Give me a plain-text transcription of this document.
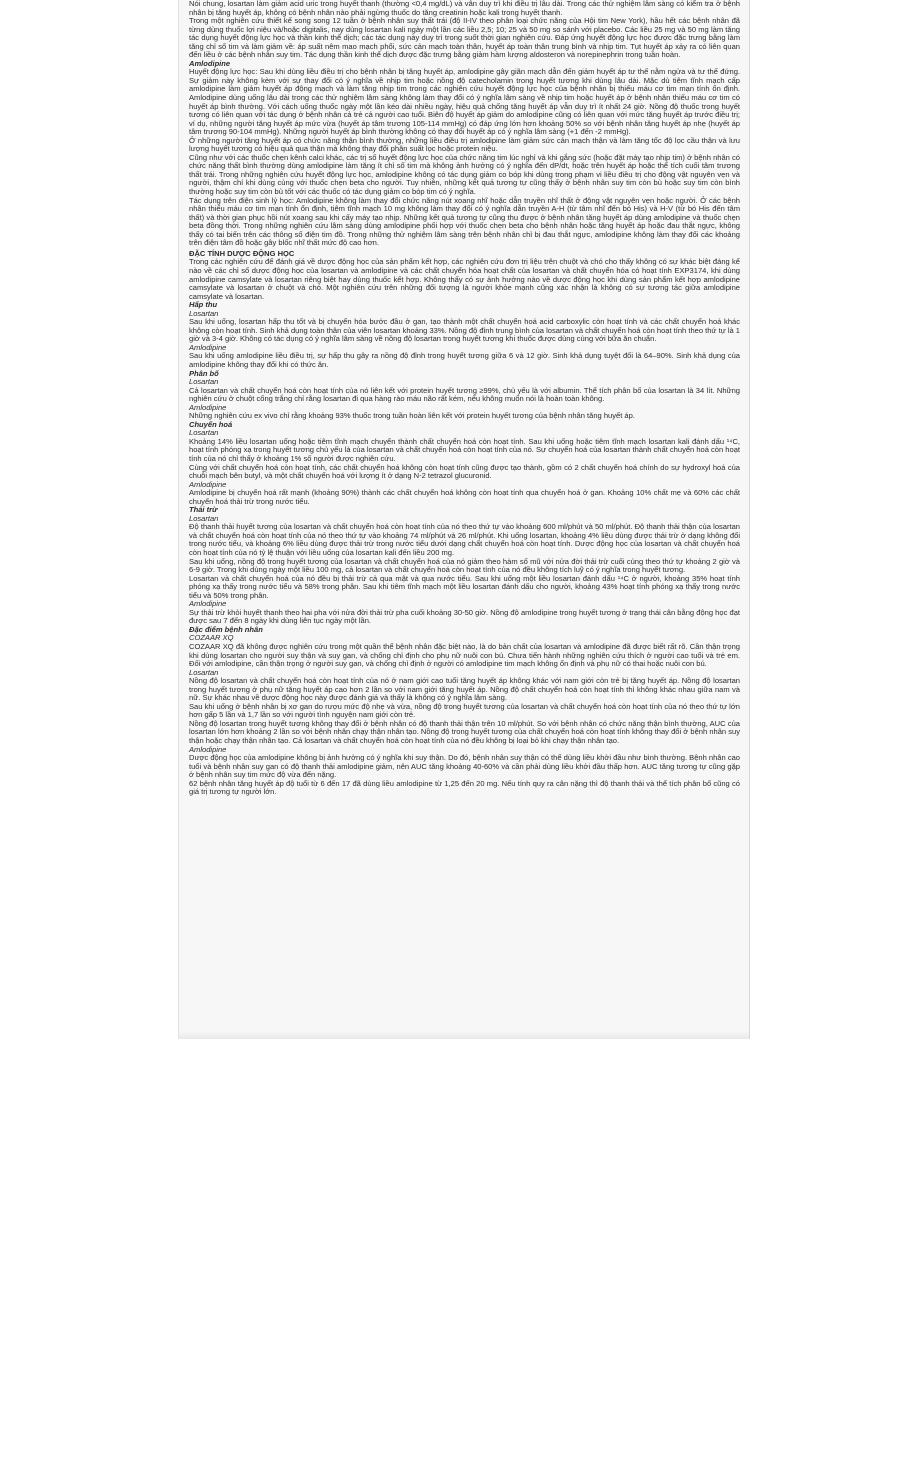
Nói chung, losartan làm giảm acid uric trong huyết thanh (thường <0,4 mg/dL) và vẫn duy trì khi điều trị lâu dài. Trong các thử nghiệm lâm sàng có kiểm tra ở bệnh nhân bị tăng huyết áp, không có bệnh nhân nào phải ngừng thuốc do tăng creatinin hoặc kali trong huyết thanh.

Trong một nghiên cứu thiết kế song song 12 tuần ở bệnh nhân suy thất trái (độ II-IV theo phân loại chức năng của Hội tim New York), hầu hết các bệnh nhân đã từng dùng thuốc lợi niệu và/hoặc digitalis, nay dùng losartan kali ngày một lần các liều 2,5; 10; 25 và 50 mg so sánh với placebo. Các liều 25 mg và 50 mg làm tăng tác dụng huyết động lực học và thần kinh thể dịch; các tác dụng này duy trì trong suốt thời gian nghiên cứu. Đáp ứng huyết động lực học được đặc trưng bằng làm tăng chỉ số tim và làm giảm về: áp suất nêm mao mạch phổi, sức cản mạch toàn thân, huyết áp toàn thân trung bình và nhịp tim. Tụt huyết áp xảy ra có liên quan đến liều ở các bệnh nhân suy tim. Tác dụng thần kinh thể dịch được đặc trưng bằng giảm hàm lượng aldosteron và norepinephrin trong tuần hoàn.

Amlodipine

Huyết động lực học: Sau khi dùng liều điều trị cho bệnh nhân bị tăng huyết áp, amlodipine gây giãn mạch dẫn đến giảm huyết áp tư thế nằm ngửa và tư thế đứng. Sự giảm này không kèm với sự thay đổi có ý nghĩa về nhịp tim hoặc nồng độ catecholamin trong huyết tương khi dùng lâu dài. Mặc dù tiêm tĩnh mạch cấp amlodipine làm giảm huyết áp động mạch và làm tăng nhịp tim trong các nghiên cứu huyết động lực học của bệnh nhân bị thiếu máu cơ tim mạn tính ổn định. Amlodipine dùng uống lâu dài trong các thử nghiệm lâm sàng không làm thay đổi có ý nghĩa lâm sàng về nhịp tim hoặc huyết áp ở bệnh nhân thiếu máu cơ tim có huyết áp bình thường. Với cách uống thuốc ngày một lần kéo dài nhiều ngày, hiệu quả chống tăng huyết áp vẫn duy trì ít nhất 24 giờ. Nồng độ thuốc trong huyết tương có liên quan với tác dụng ở bệnh nhân cả trẻ cả người cao tuổi. Biên độ huyết áp giảm do amlodipine cũng có liên quan với mức tăng huyết áp trước điều trị; ví dụ, những người tăng huyết áp mức vừa (huyết áp tâm trương 105-114 mmHg) có đáp ứng lớn hơn khoảng 50% so với bệnh nhân tăng huyết áp nhẹ (huyết áp tâm trương 90-104 mmHg). Những người huyết áp bình thường không có thay đổi huyết áp có ý nghĩa lâm sàng (+1 đến -2 mmHg).

Ở những người tăng huyết áp có chức năng thận bình thường, những liều điều trị amlodipine làm giảm sức cản mạch thận và làm tăng tốc độ lọc cầu thận và lưu lượng huyết tương có hiệu quả qua thận mà không thay đổi phân suất lọc hoặc protein niệu.

Cũng như với các thuốc chẹn kênh calci khác, các trị số huyết động lực học của chức năng tim lúc nghỉ và khi gắng sức (hoặc đặt máy tạo nhịp tim) ở bệnh nhân có chức năng thất bình thường dùng amlodipine làm tăng ít chỉ số tim mà không ảnh hưởng có ý nghĩa đến dP/dt, hoặc trên huyết áp hoặc thể tích cuối tâm trương thất trái. Trong những nghiên cứu huyết động lực học, amlodipine không có tác dụng giảm co bóp khi dùng trong phạm vi liều điều trị cho động vật nguyên vẹn và người, thậm chí khi dùng cùng với thuốc chẹn beta cho người. Tuy nhiên, những kết quả tương tự cũng thấy ở bệnh nhân suy tim còn bù hoặc suy tim còn bình thường hoặc suy tim còn bù tốt với các thuốc có tác dụng giảm co bóp tim có ý nghĩa.

Tác dụng trên điện sinh lý học: Amlodipine không làm thay đổi chức năng nút xoang nhĩ hoặc dẫn truyền nhĩ thất ở động vật nguyên vẹn hoặc người. Ở các bệnh nhân thiếu máu cơ tim mạn tính ổn định, tiêm tĩnh mạch 10 mg không làm thay đổi có ý nghĩa dẫn truyền A-H (từ tâm nhĩ đến bó His) và H-V (từ bó His đến tâm thất) và thời gian phục hồi nút xoang sau khi cấy máy tạo nhịp. Những kết quả tương tự cũng thu được ở bệnh nhân tăng huyết áp dùng amlodipine và thuốc chẹn beta đồng thời. Trong những nghiên cứu lâm sàng dùng amlodipine phối hợp với thuốc chẹn beta cho bệnh nhân hoặc tăng huyết áp hoặc đau thắt ngực, không thấy có tai biến trên các thông số điện tim đồ. Trong những thử nghiệm lâm sàng trên bệnh nhân chỉ bị đau thắt ngực, amlodipine không làm thay đổi các khoảng trên điện tâm đồ hoặc gây blốc nhĩ thất mức độ cao hơn.

ĐẶC TÍNH DƯỢC ĐỘNG HỌC

Trong các nghiên cứu để đánh giá về dược động học của sản phẩm kết hợp, các nghiên cứu đơn trị liệu trên chuột và chó cho thấy không có sự khác biệt đáng kể nào về các chỉ số dược động học của losartan và amlodipine và các chất chuyển hóa hoạt chất của losartan và chất chuyển hóa có hoạt tính EXP3174, khi dùng amlodipine camsylate và losartan riêng biệt hay dùng thuốc kết hợp. Không thấy có sự ảnh hưởng nào về dược động học khi dùng sản phẩm kết hợp amlodipine camsylate và losartan ở chuột và chó. Một nghiên cứu trên những đối tượng là người khỏe mạnh cũng xác nhận là không có sự tương tác giữa amlodipine camsylate và losartan.

Hấp thu

Losartan

Sau khi uống, losartan hấp thu tốt và bị chuyển hóa bước đầu ở gan, tạo thành một chất chuyển hoá acid carboxylic còn hoạt tính và các chất chuyển hoá khác không còn hoạt tính. Sinh khả dụng toàn thân của viên losartan khoảng 33%. Nồng độ đỉnh trung bình của losartan và chất chuyển hoá còn hoạt tính theo thứ tự là 1 giờ và 3-4 giờ. Không có tác dụng có ý nghĩa lâm sàng về nồng độ losartan trong huyết tương khi thuốc được dùng cùng với bữa ăn chuẩn.

Amlodipine

Sau khi uống amlodipine liều điều trị, sự hấp thu gây ra nồng độ đỉnh trong huyết tương giữa 6 và 12 giờ. Sinh khả dụng tuyệt đối là 64–90%. Sinh khả dụng của amlodipine không thay đổi khi có thức ăn.

Phân bố

Losartan

Cả losartan và chất chuyển hoá còn hoạt tính của nó liên kết với protein huyết tương ≥99%, chủ yếu là với albumin. Thể tích phân bố của losartan là 34 lít. Những nghiên cứu ở chuột cống trắng chỉ rằng losartan đi qua hàng rào máu não rất kém, nếu không muốn nói là hoàn toàn không.

Amlodipine

Những nghiên cứu ex vivo chỉ rằng khoảng 93% thuốc trong tuần hoàn liên kết với protein huyết tương của bệnh nhân tăng huyết áp.

Chuyển hoá

Losartan

Khoảng 14% liều losartan uống hoặc tiêm tĩnh mạch chuyển thành chất chuyển hoá còn hoạt tính. Sau khi uống hoặc tiêm tĩnh mạch losartan kali đánh dấu ¹⁴C, hoạt tính phóng xạ trong huyết tương chủ yếu là của losartan và chất chuyển hoá còn hoạt tính của nó. Sự chuyển hoá của losartan thành chất chuyển hoá còn hoạt tính của nó chỉ thấy ở khoảng 1% số người được nghiên cứu.

Cùng với chất chuyển hoá còn hoạt tính, các chất chuyển hoá không còn hoạt tính cũng được tạo thành, gồm có 2 chất chuyển hoá chính do sự hydroxyl hoá của chuỗi mạch bên butyl, và một chất chuyển hoá với lượng ít ở dạng N-2 tetrazol glucuronid.

Amlodipine

Amlodipine bị chuyển hoá rất mạnh (khoảng 90%) thành các chất chuyển hoá không còn hoạt tính qua chuyển hoá ở gan. Khoảng 10% chất mẹ và 60% các chất chuyển hoá thải trừ trong nước tiểu.

Thải trừ

Losartan

Độ thanh thải huyết tương của losartan và chất chuyển hoá còn hoạt tính của nó theo thứ tự vào khoảng 600 ml/phút và 50 ml/phút. Độ thanh thải thận của losartan và chất chuyển hoá còn hoạt tính của nó theo thứ tự vào khoảng 74 ml/phút và 26 ml/phút. Khi uống losartan, khoảng 4% liều dùng được thải trừ ở dạng không đổi trong nước tiểu, và khoảng 6% liều dùng được thải trừ trong nước tiểu dưới dạng chất chuyển hoá còn hoạt tính. Dược động học của losartan và chất chuyển hoá còn hoạt tính của nó tỷ lệ thuận với liều uống của losartan kali đến liều 200 mg.

Sau khi uống, nồng độ trong huyết tương của losartan và chất chuyển hoá của nó giảm theo hàm số mũ với nửa đời thải trừ cuối cùng theo thứ tự khoảng 2 giờ và 6-9 giờ. Trong khi dùng ngày một liều 100 mg, cả losartan và chất chuyển hoá còn hoạt tính của nó đều không tích luỹ có ý nghĩa trong huyết tương.

Losartan và chất chuyển hoá của nó đều bị thải trừ cả qua mật và qua nước tiểu. Sau khi uống một liều losartan đánh dấu ¹⁴C ở người, khoảng 35% hoạt tính phóng xạ thấy trong nước tiểu và 58% trong phân. Sau khi tiêm tĩnh mạch một liều losartan đánh dấu cho người, khoảng 43% hoạt tính phóng xạ thấy trong nước tiểu và 50% trong phân.

Amlodipine

Sự thải trừ khỏi huyết thanh theo hai pha với nửa đời thải trừ pha cuối khoảng 30-50 giờ. Nồng độ amlodipine trong huyết tương ở trạng thái cân bằng động học đạt được sau 7 đến 8 ngày khi dùng liên tục ngày một lần.

Đặc điểm bệnh nhân

COZAAR XQ

COZAAR XQ đã không được nghiên cứu trong một quần thể bệnh nhân đặc biệt nào, là do bản chất của losartan và amlodipine đã được biết rất rõ. Cần thận trọng khi dùng losartan cho người suy thận và suy gan, và chống chỉ định cho phụ nữ nuôi con bú. Chưa tiến hành những nghiên cứu thích ở người cao tuổi và trẻ em. Đối với amlodipine, cần thận trọng ở người suy gan, và chống chỉ định ở người có amlodipine tim mạch không ổn định và phụ nữ có thai hoặc nuôi con bú.

Losartan

Nồng độ losartan và chất chuyển hoá còn hoạt tính của nó ở nam giới cao tuổi tăng huyết áp không khác với nam giới còn trẻ bị tăng huyết áp. Nồng độ losartan trong huyết tương ở phụ nữ tăng huyết áp cao hơn 2 lần so với nam giới tăng huyết áp. Nồng độ chất chuyển hoá còn hoạt tính thì không khác nhau giữa nam và nữ. Sự khác nhau về dược động học này được đánh giá và thấy là không có ý nghĩa lâm sàng.

Sau khi uống ở bệnh nhân bị xơ gan do rượu mức độ nhẹ và vừa, nồng độ trong huyết tương của losartan và chất chuyển hoá còn hoạt tính của nó theo thứ tự lớn hơn gấp 5 lần và 1,7 lần so với người tình nguyện nam giới còn trẻ.

Nồng độ losartan trong huyết tương không thay đổi ở bệnh nhân có độ thanh thải thận trên 10 ml/phút. So với bệnh nhân có chức năng thận bình thường, AUC của losartan lớn hơn khoảng 2 lần so với bệnh nhân chạy thận nhân tạo. Nồng độ trong huyết tương của chất chuyển hoá còn hoạt tính không thay đổi ở bệnh nhân suy thận hoặc chạy thận nhân tạo. Cả losartan và chất chuyển hoá còn hoạt tính của nó đều không bị loại bỏ khi chạy thận nhân tạo.

Amlodipine

Dược động học của amlodipine không bị ảnh hưởng có ý nghĩa khi suy thận. Do đó, bệnh nhân suy thận có thể dùng liều khởi đầu như bình thường. Bệnh nhân cao tuổi và bệnh nhân suy gan có độ thanh thải amlodipine giảm, nên AUC tăng khoảng 40-60% và cần phải dùng liều khởi đầu thấp hơn. AUC tăng tương tự cũng gặp ở bệnh nhân suy tim mức độ vừa đến nặng.

62 bệnh nhân tăng huyết áp độ tuổi từ 6 đến 17 đã dùng liều amlodipine từ 1,25 đến 20 mg. Nếu tính quy ra cân nặng thì độ thanh thải và thể tích phân bố cũng có giá trị tương tự người lớn.
